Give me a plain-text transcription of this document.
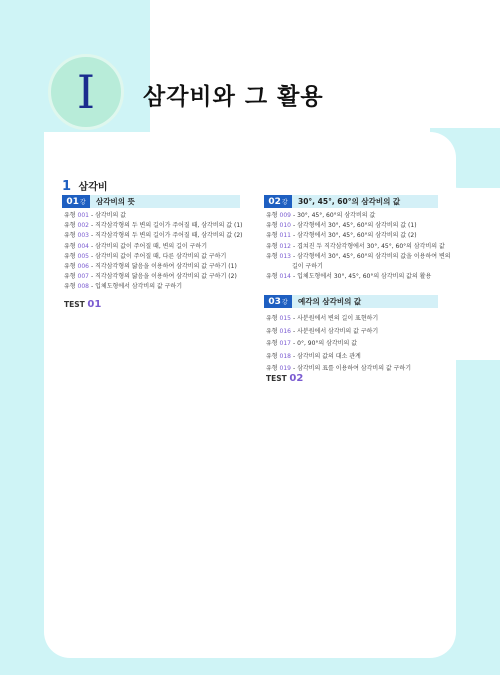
I 삼각비와 그 활용
1 삼각비
01 강	삼각비의 뜻
유형 001 - 삼각비의 값
유형 002 - 직각삼각형의 두 변의 길이가 주어질 때, 삼각비의 값 (1)
유형 003 - 직각삼각형의 두 변의 길이가 주어질 때, 삼각비의 값 (2)
유형 004 - 삼각비의 값이 주어질 때, 변의 길이 구하기
유형 005 - 삼각비의 값이 주어질 때, 다른 삼각비의 값 구하기
유형 006 - 직각삼각형의 닮음을 이용하여 삼각비의 값 구하기 (1)
유형 007 - 직각삼각형의 닮음을 이용하여 삼각비의 값 구하기 (2)
유형 008 - 입체도형에서 삼각비의 값 구하기
TEST 01
02 강	30°, 45°, 60°의 삼각비의 값
유형 009 - 30°, 45°, 60°의 삼각비의 값
유형 010 - 삼각형에서 30°, 45°, 60°의 삼각비의 값 (1)
유형 011 - 삼각형에서 30°, 45°, 60°의 삼각비의 값 (2)
유형 012 - 겹쳐진 두 직각삼각형에서 30°, 45°, 60°의 삼각비의 값
유형 013 - 삼각형에서 30°, 45°, 60°의 삼각비의 값을 이용하여 변의
길이 구하기
유형 014 - 입체도형에서 30°, 45°, 60°의 삼각비의 값의 활용
03 강	예각의 삼각비의 값
유형 015 - 사분원에서 변의 길이 표현하기
유형 016 - 사분원에서 삼각비의 값 구하기
유형 017 - 0°, 90°의 삼각비의 값
유형 018 - 삼각비의 값의 대소 관계
유형 019 - 삼각비의 표를 이용하여 삼각비의 값 구하기
TEST 02
